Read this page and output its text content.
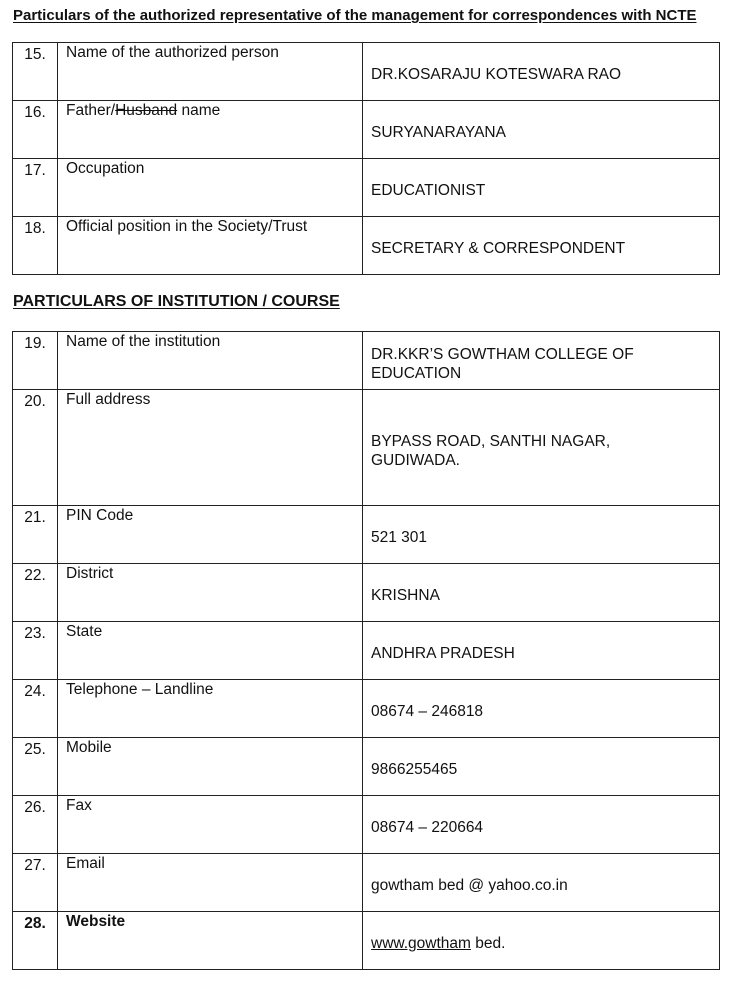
Particulars of the authorized representative of the management for correspondences with NCTE
15.	Name of the authorized person	DR.KOSARAJU KOTESWARA RAO

16.	Father/Husband name	SURYANARAYANA

17.	Occupation	EDUCATIONIST

18.	Official position in the Society/Trust	SECRETARY & CORRESPONDENT
PARTICULARS OF INSTITUTION / COURSE
19.	Name of the institution	DR.KKR’S GOWTHAM COLLEGE OF
EDUCATION

20.	Full address	BYPASS ROAD, SANTHI NAGAR,
GUDIWADA.

21.	PIN Code	521 301

22.	District	KRISHNA

23.	State	ANDHRA PRADESH

24.	Telephone – Landline	08674 – 246818

25.	Mobile	9866255465

26.	Fax	08674 – 220664

27.	Email	gowtham bed @ yahoo.co.in

28.	Website	www.gowtham bed.
